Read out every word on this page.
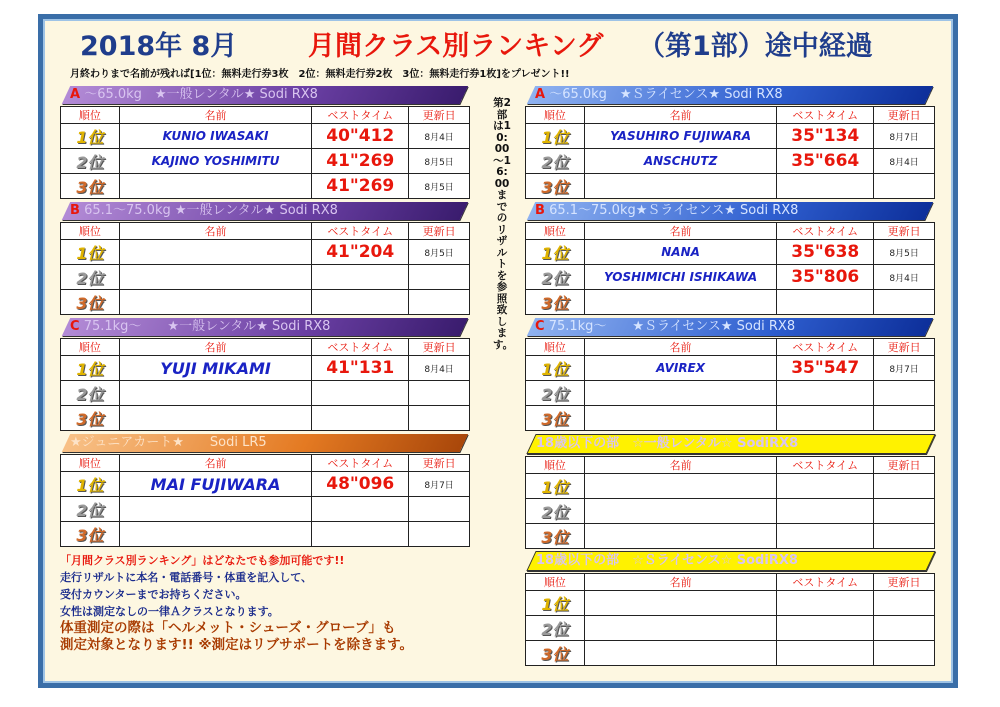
2018年 8月	月間クラス別ランキング （第1部）途中経過
月終わりまで名前が残れば[1位：無料走行券3枚　2位：無料走行券2枚　3位：無料走行券1枚]をプレゼント!!
第2部は10:00～16:00までのリザルトを参照致します。
A ～65.0kg　★一般レンタル★ Sodi RX8
順位	名前	ベストタイム	更新日
1位	KUNIO IWASAKI	40"412	8月4日
2位	KAJINO YOSHIMITU	41"269	8月5日
3位		41"269	8月5日
B 65.1～75.0kg ★一般レンタル★ Sodi RX8
順位	名前	ベストタイム	更新日
1位		41"204	8月5日
2位			
3位			
C 75.1kg～　　★一般レンタル★ Sodi RX8
順位	名前	ベストタイム	更新日
1位	YUJI MIKAMI	41"131	8月4日
2位			
3位			
★ジュニアカート★　　Sodi LR5
順位	名前	ベストタイム	更新日
1位	MAI FUJIWARA	48"096	8月7日
2位			
3位			
A ～65.0kg　★Ｓライセンス★ Sodi RX8
順位	名前	ベストタイム	更新日
1位	YASUHIRO FUJIWARA	35"134	8月7日
2位	ANSCHUTZ	35"664	8月4日
3位			
B 65.1～75.0kg★Ｓライセンス★ Sodi RX8
順位	名前	ベストタイム	更新日
1位	NANA	35"638	8月5日
2位	YOSHIMICHI ISHIKAWA	35"806	8月4日
3位			
C 75.1kg～　　★Ｓライセンス★ Sodi RX8
順位	名前	ベストタイム	更新日
1位	AVIREX	35"547	8月7日
2位			
3位			
18歳以下の部　☆一般レンタル☆ SodiRX8
順位	名前	ベストタイム	更新日
1位			
2位			
3位			
18歳以下の部　☆Ｓライセンス☆ SodiRX8
順位	名前	ベストタイム	更新日
1位			
2位			
3位			
「月間クラス別ランキング」はどなたでも参加可能です!!
走行リザルトに本名・電話番号・体重を記入して、
受付カウンターまでお持ちください。
女性は測定なしの一律Ａクラスとなります。
体重測定の際は「ヘルメット・シューズ・グローブ」も
測定対象となります!! ※測定はリブサポートを除きます。
